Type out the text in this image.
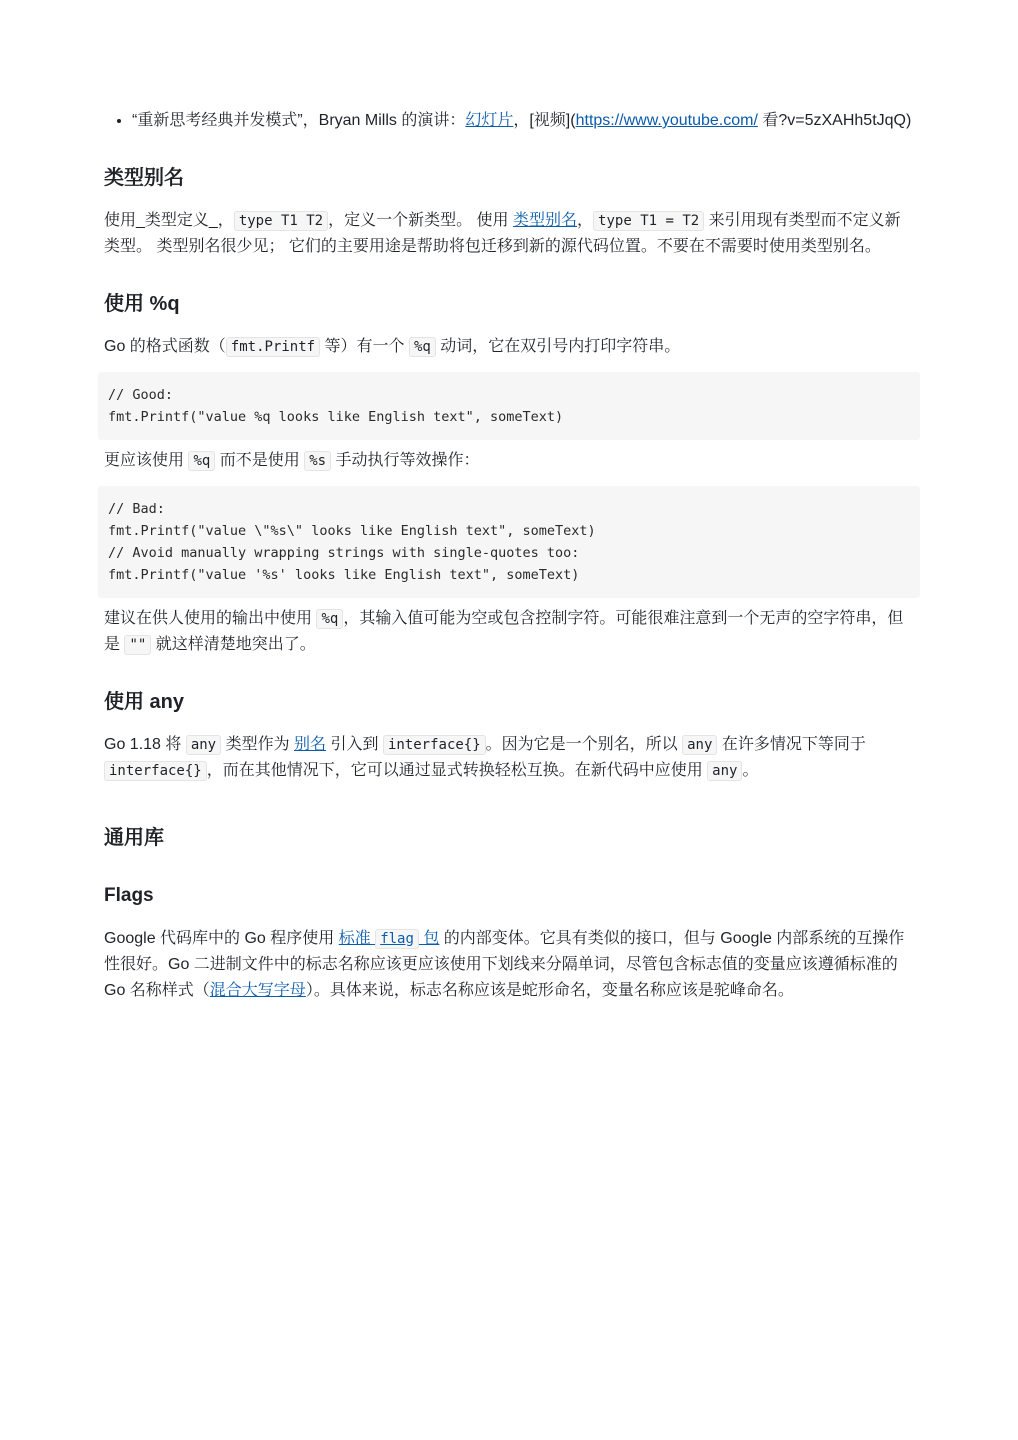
• “重新思考经典并发模式”，Bryan Mills 的演讲：幻灯片，[视频](https://www.youtube.com/ 看?v=5zXAHh5tJqQ)
类型别名

使用_类型定义_， type T1 T2 ，定义一个新类型。 使用 类型别名， type T1 = T2 来引用现有类型而不定义新类型。 类型别名很少见； 它们的主要用途是帮助将包迁移到新的源代码位置。不要在不需要时使用类型别名。

使用 %q

Go 的格式函数（ fmt.Printf 等）有一个 %q 动词，它在双引号内打印字符串。

// Good:
fmt.Printf("value %q looks like English text", someText)

更应该使用 %q 而不是使用 %s 手动执行等效操作：

// Bad:
fmt.Printf("value \"%s\" looks like English text", someText)
// Avoid manually wrapping strings with single-quotes too:
fmt.Printf("value '%s' looks like English text", someText)

建议在供人使用的输出中使用 %q ，其输入值可能为空或包含控制字符。可能很难注意到一个无声的空字符串，但是 "" 就这样清楚地突出了。

使用 any

Go 1.18 将 any 类型作为 别名 引入到 interface{} 。因为它是一个别名，所以 any 在许多情况下等同于 interface{} ，而在其他情况下，它可以通过显式转换轻松互换。在新代码中应使用 any 。

通用库
Flags

Google 代码库中的 Go 程序使用 标准 flag 包 的内部变体。它具有类似的接口，但与 Google 内部系统的互操作性很好。Go 二进制文件中的标志名称应该更应该使用下划线来分隔单词，尽管包含标志值的变量应该遵循标准的 Go 名称样式（混合大写字母）。具体来说，标志名称应该是蛇形命名，变量名称应该是驼峰命名。
